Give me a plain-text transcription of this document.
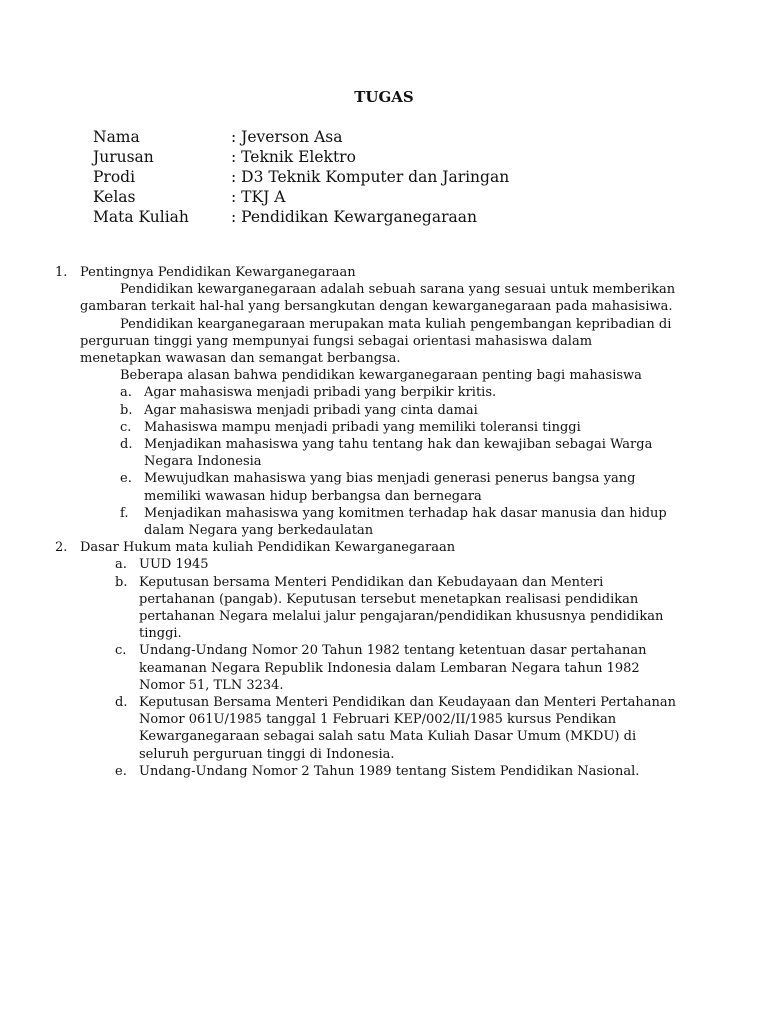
TUGAS
Nama	: Jeverson Asa
Jurusan	: Teknik Elektro
Prodi	: D3 Teknik Komputer dan Jaringan
Kelas	: TKJ A
Mata Kuliah	: Pendidikan Kewarganegaraan
1. Pentingnya Pendidikan Kewarganegaraan
Pendidikan kewarganegaraan adalah sebuah sarana yang sesuai untuk memberikan gambaran terkait hal-hal yang bersangkutan dengan kewarganegaraan pada mahasisiwa.
Pendidikan kearganegaraan merupakan mata kuliah pengembangan kepribadian di perguruan tinggi yang mempunyai fungsi sebagai orientasi mahasiswa dalam menetapkan wawasan dan semangat berbangsa.
Beberapa alasan bahwa pendidikan kewarganegaraan penting bagi mahasiswa
a. Agar mahasiswa menjadi pribadi yang berpikir kritis.
b. Agar mahasiswa menjadi pribadi yang cinta damai
c. Mahasiswa mampu menjadi pribadi yang memiliki toleransi tinggi
d. Menjadikan mahasiswa yang tahu tentang hak dan kewajiban sebagai Warga Negara Indonesia
e. Mewujudkan mahasiswa yang bias menjadi generasi penerus bangsa yang memiliki wawasan hidup berbangsa dan bernegara
f. Menjadikan mahasiswa yang komitmen terhadap hak dasar manusia dan hidup dalam Negara yang berkedaulatan
2. Dasar Hukum mata kuliah Pendidikan Kewarganegaraan
a. UUD 1945
b. Keputusan bersama Menteri Pendidikan dan Kebudayaan dan Menteri pertahanan (pangab). Keputusan tersebut menetapkan realisasi pendidikan pertahanan Negara melalui jalur pengajaran/pendidikan khususnya pendidikan tinggi.
c. Undang-Undang Nomor 20 Tahun 1982 tentang ketentuan dasar pertahanan keamanan Negara Republik Indonesia dalam Lembaran Negara tahun 1982 Nomor 51, TLN 3234.
d. Keputusan Bersama Menteri Pendidikan dan Keudayaan dan Menteri Pertahanan Nomor 061U/1985 tanggal 1 Februari KEP/002/II/1985 kursus Pendikan Kewarganegaraan sebagai salah satu Mata Kuliah Dasar Umum (MKDU) di seluruh perguruan tinggi di Indonesia.
e. Undang-Undang Nomor 2 Tahun 1989 tentang Sistem Pendidikan Nasional.
